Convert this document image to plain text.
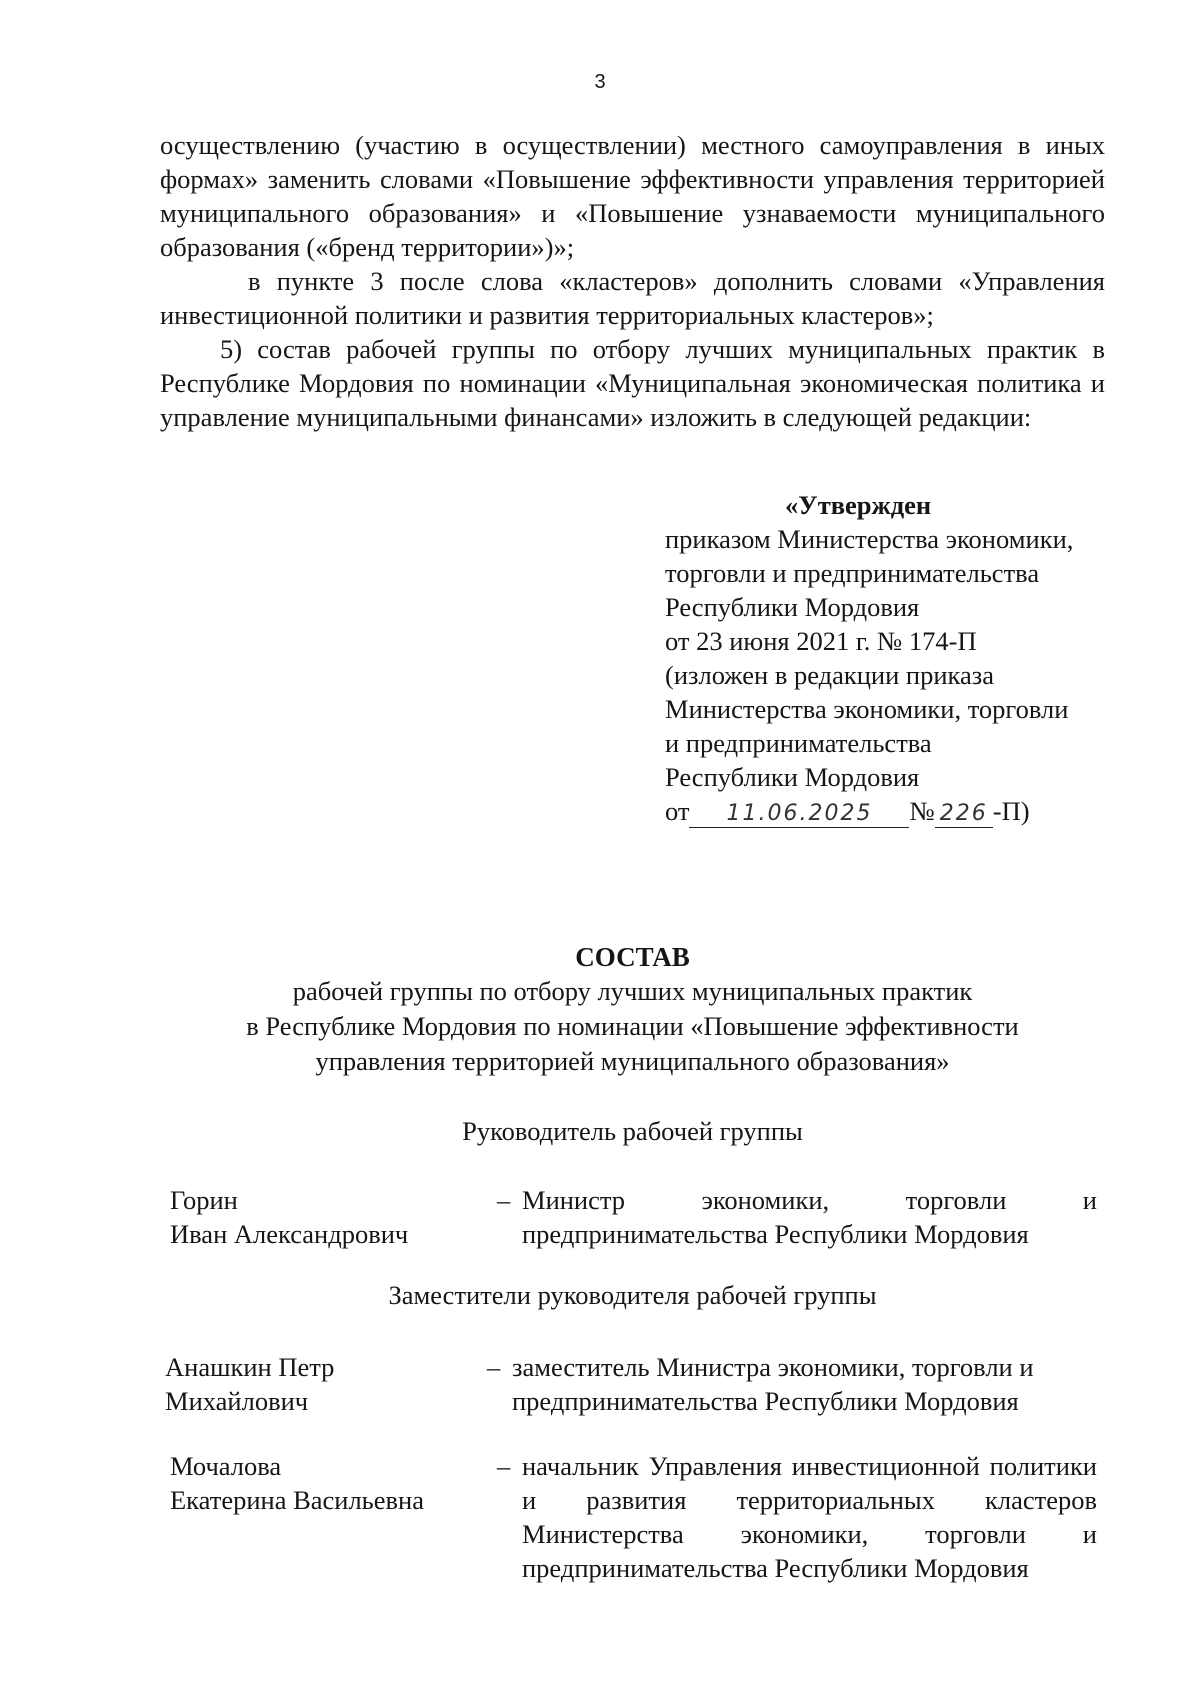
3

осуществлению (участию в осуществлении) местного самоуправления в иных формах» заменить словами «Повышение эффективности управления территорией муниципального образования» и «Повышение узнаваемости муниципального образования («бренд территории»)»;

в пункте 3 после слова «кластеров» дополнить словами «Управления инвестиционной политики и развития территориальных кластеров»;

5) состав рабочей группы по отбору лучших муниципальных практик в Республике Мордовия по номинации «Муниципальная экономическая политика и управление муниципальными финансами» изложить в следующей редакции:

«Утвержден
приказом Министерства экономики,
торговли и предпринимательства
Республики Мордовия
от 23 июня 2021 г. № 174-П
(изложен в редакции приказа
Министерства экономики, торговли
и предпринимательства
Республики Мордовия
от 11.06.2025 № 226 -П)
СОСТАВ
рабочей группы по отбору лучших муниципальных практик
в Республике Мордовия по номинации «Повышение эффективности
управления территорией муниципального образования»
Руководитель рабочей группы
Горин
Иван Александрович
– Министр экономики, торговли и предпринимательства Республики Мордовия
Заместители руководителя рабочей группы
Анашкин Петр
Михайлович
– заместитель Министра экономики, торговли и предпринимательства Республики Мордовия
Мочалова
Екатерина Васильевна
– начальник Управления инвестиционной политики и развития территориальных кластеров Министерства экономики, торговли и предпринимательства Республики Мордовия
